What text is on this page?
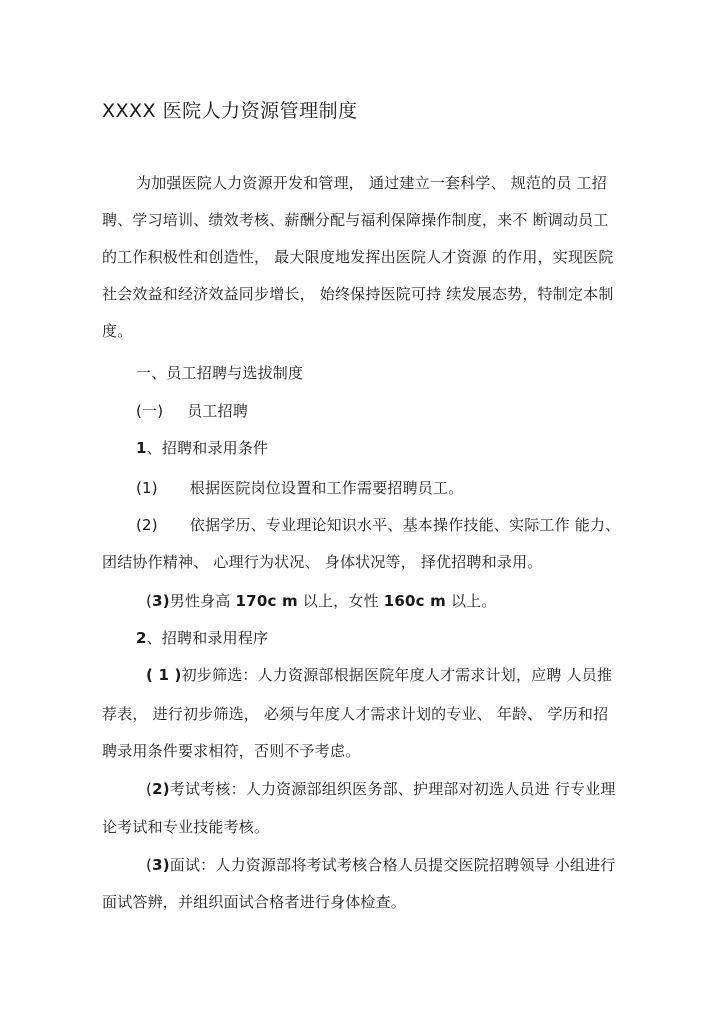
XXXX 医院人力资源管理制度
为加强医院人力资源开发和管理， 通过建立一套科学、 规范的员 工招
聘、学习培训、绩效考核、薪酬分配与福利保障操作制度，来不 断调动员工
的工作积极性和创造性， 最大限度地发挥出医院人才资源 的作用，实现医院
社会效益和经济效益同步增长， 始终保持医院可持 续发展态势，特制定本制
度。
一、员工招聘与选拔制度
(一) 员工招聘
1、招聘和录用条件
(1) 根据医院岗位设置和工作需要招聘员工。
(2) 依据学历、专业理论知识水平、基本操作技能、实际工作 能力、
团结协作精神、 心理行为状况、 身体状况等， 择优招聘和录用。
(3)男性身高 170c m 以上，女性 160c m 以上。
2、招聘和录用程序
( 1 )初步筛选：人力资源部根据医院年度人才需求计划，应聘 人员推
荐表， 进行初步筛选， 必须与年度人才需求计划的专业、 年龄、 学历和招
聘录用条件要求相符，否则不予考虑。
(2)考试考核：人力资源部组织医务部、护理部对初选人员进 行专业理
论考试和专业技能考核。
(3)面试：人力资源部将考试考核合格人员提交医院招聘领导 小组进行
面试答辨，并组织面试合格者进行身体检查。
